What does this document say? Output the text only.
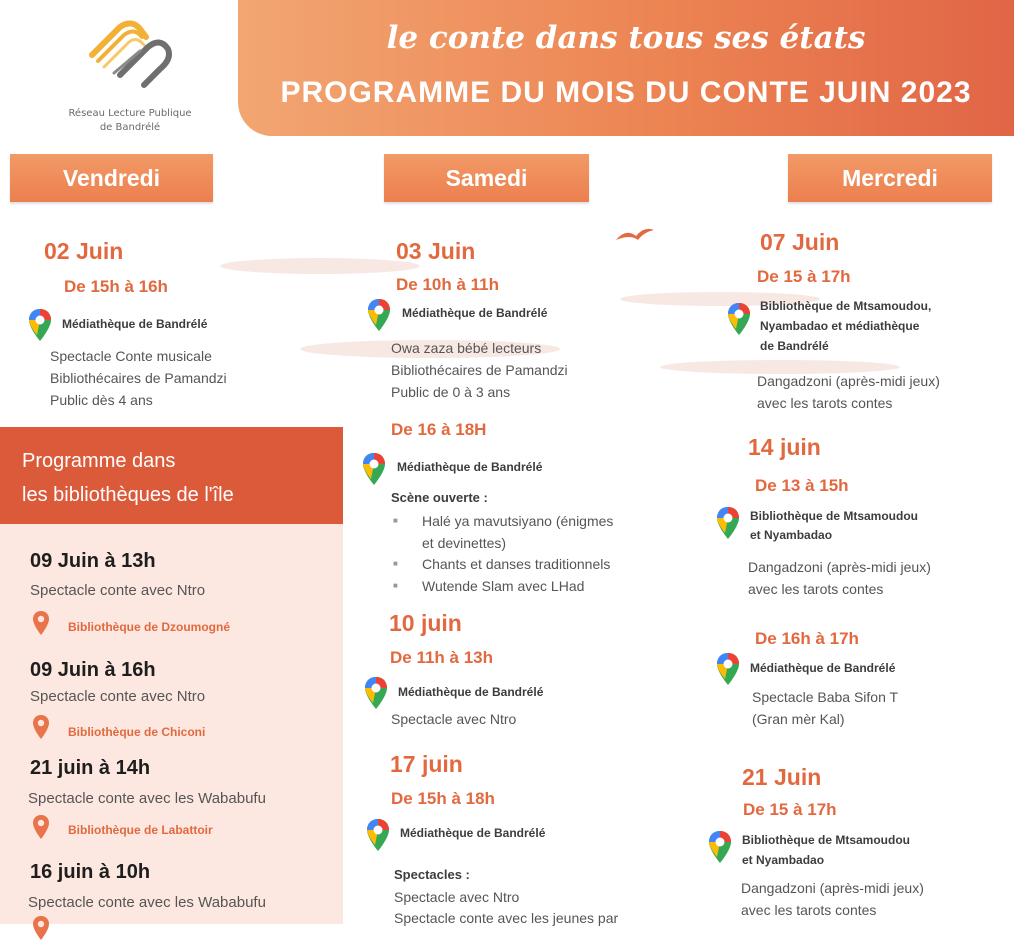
Réseau Lecture Publique
de Bandrélé
le conte dans tous ses états
PROGRAMME DU MOIS DU CONTE JUIN 2023
Vendredi	Samedi	Mercredi
02 Juin
De 15h à 16h
Médiathèque de Bandrélé
Spectacle Conte musicale
Bibliothécaires de Pamandzi
Public dès 4 ans
03 Juin
De 10h à 11h
Médiathèque de Bandrélé
Owa zaza bébé lecteurs
Bibliothécaires de Pamandzi
Public de 0 à 3 ans
De 16 à 18H
Médiathèque de Bandrélé
Scène ouverte :
■ Halé ya mavutsiyano (énigmes
et devinettes)
■ Chants et danses traditionnels
■ Wutende Slam avec LHad
10 juin
De 11h à 13h
Médiathèque de Bandrélé
Spectacle avec Ntro
17 juin
De 15h à 18h
Médiathèque de Bandrélé
Spectacles :
Spectacle avec Ntro
Spectacle conte avec les jeunes par
07 Juin
De 15 à 17h
Bibliothèque de Mtsamoudou,
Nyambadao et médiathèque
de Bandrélé
Dangadzoni (après-midi jeux)
avec les tarots contes
14 juin
De 13 à 15h
Bibliothèque de Mtsamoudou
et Nyambadao
Dangadzoni (après-midi jeux)
avec les tarots contes
De 16h à 17h
Médiathèque de Bandrélé
Spectacle Baba Sifon T
(Gran mèr Kal)
21 Juin
De 15 à 17h
Bibliothèque de Mtsamoudou
et Nyambadao
Dangadzoni (après-midi jeux)
avec les tarots contes
Programme dans
les bibliothèques de l'île
09 Juin à 13h
Spectacle conte avec Ntro
Bibliothèque de Dzoumogné
09 Juin à 16h
Spectacle conte avec Ntro
Bibliothèque de Chiconi
21 juin à 14h
Spectacle conte avec les Wababufu
Bibliothèque de Labattoir
16 juin à 10h
Spectacle conte avec les Wababufu
